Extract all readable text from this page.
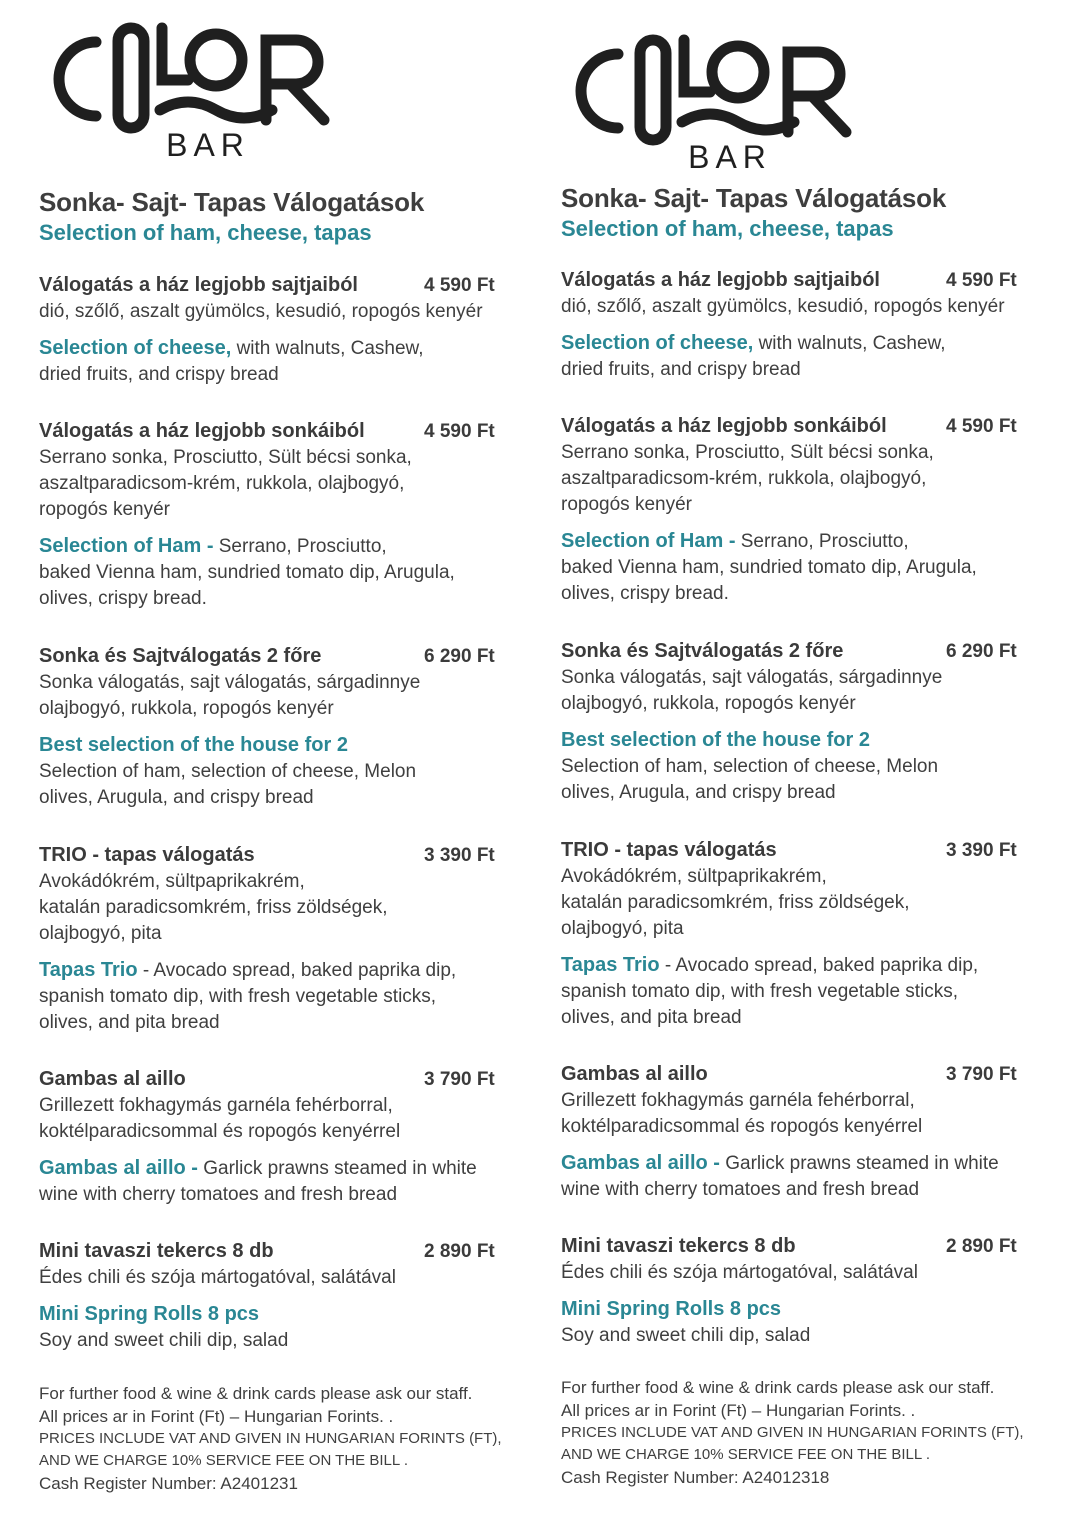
BAR
Sonka- Sajt- Tapas Válogatások
Selection of ham, cheese, tapas
Válogatás a ház legjobb sajtjaiból	4 590 Ft
dió, szőlő, aszalt gyümölcs, kesudió, ropogós kenyér
Selection of cheese, with walnuts, Cashew,
dried fruits, and crispy bread
Válogatás a ház legjobb sonkáiból	4 590 Ft
Serrano sonka, Prosciutto, Sült bécsi sonka,
aszaltparadicsom-krém, rukkola, olajbogyó,
ropogós kenyér
Selection of Ham - Serrano, Prosciutto,
baked Vienna ham, sundried tomato dip, Arugula,
olives, crispy bread.
Sonka és Sajtválogatás 2 főre	6 290 Ft
Sonka válogatás, sajt válogatás, sárgadinnye
olajbogyó, rukkola, ropogós kenyér
Best selection of the house for 2
Selection of ham, selection of cheese, Melon
olives, Arugula, and crispy bread
TRIO - tapas válogatás	3 390 Ft
Avokádókrém, sültpaprikakrém,
katalán paradicsomkrém, friss zöldségek,
olajbogyó, pita
Tapas Trio - Avocado spread, baked paprika dip,
spanish tomato dip, with fresh vegetable sticks,
olives, and pita bread
Gambas al aillo	3 790 Ft
Grillezett fokhagymás garnéla fehérborral,
koktélparadicsommal és ropogós kenyérrel
Gambas al aillo - Garlick prawns steamed in white
wine with cherry tomatoes and fresh bread
Mini tavaszi tekercs 8 db	2 890 Ft
Édes chili és szója mártogatóval, salátával
Mini Spring Rolls 8 pcs
Soy and sweet chili dip, salad
For further food & wine & drink cards please ask our staff.
All prices ar in Forint (Ft) – Hungarian Forints. .
PRICES INCLUDE VAT AND GIVEN IN HUNGARIAN FORINTS (FT),
AND WE CHARGE 10% SERVICE FEE ON THE BILL .
Cash Register Number: A2401231
BAR
Sonka- Sajt- Tapas Válogatások
Selection of ham, cheese, tapas
Válogatás a ház legjobb sajtjaiból	4 590 Ft
dió, szőlő, aszalt gyümölcs, kesudió, ropogós kenyér
Selection of cheese, with walnuts, Cashew,
dried fruits, and crispy bread
Válogatás a ház legjobb sonkáiból	4 590 Ft
Serrano sonka, Prosciutto, Sült bécsi sonka,
aszaltparadicsom-krém, rukkola, olajbogyó,
ropogós kenyér
Selection of Ham - Serrano, Prosciutto,
baked Vienna ham, sundried tomato dip, Arugula,
olives, crispy bread.
Sonka és Sajtválogatás 2 főre	6 290 Ft
Sonka válogatás, sajt válogatás, sárgadinnye
olajbogyó, rukkola, ropogós kenyér
Best selection of the house for 2
Selection of ham, selection of cheese, Melon
olives, Arugula, and crispy bread
TRIO - tapas válogatás	3 390 Ft
Avokádókrém, sültpaprikakrém,
katalán paradicsomkrém, friss zöldségek,
olajbogyó, pita
Tapas Trio - Avocado spread, baked paprika dip,
spanish tomato dip, with fresh vegetable sticks,
olives, and pita bread
Gambas al aillo	3 790 Ft
Grillezett fokhagymás garnéla fehérborral,
koktélparadicsommal és ropogós kenyérrel
Gambas al aillo - Garlick prawns steamed in white
wine with cherry tomatoes and fresh bread
Mini tavaszi tekercs 8 db	2 890 Ft
Édes chili és szója mártogatóval, salátával
Mini Spring Rolls 8 pcs
Soy and sweet chili dip, salad
For further food & wine & drink cards please ask our staff.
All prices ar in Forint (Ft) – Hungarian Forints. .
PRICES INCLUDE VAT AND GIVEN IN HUNGARIAN FORINTS (FT),
AND WE CHARGE 10% SERVICE FEE ON THE BILL .
Cash Register Number: A24012318
